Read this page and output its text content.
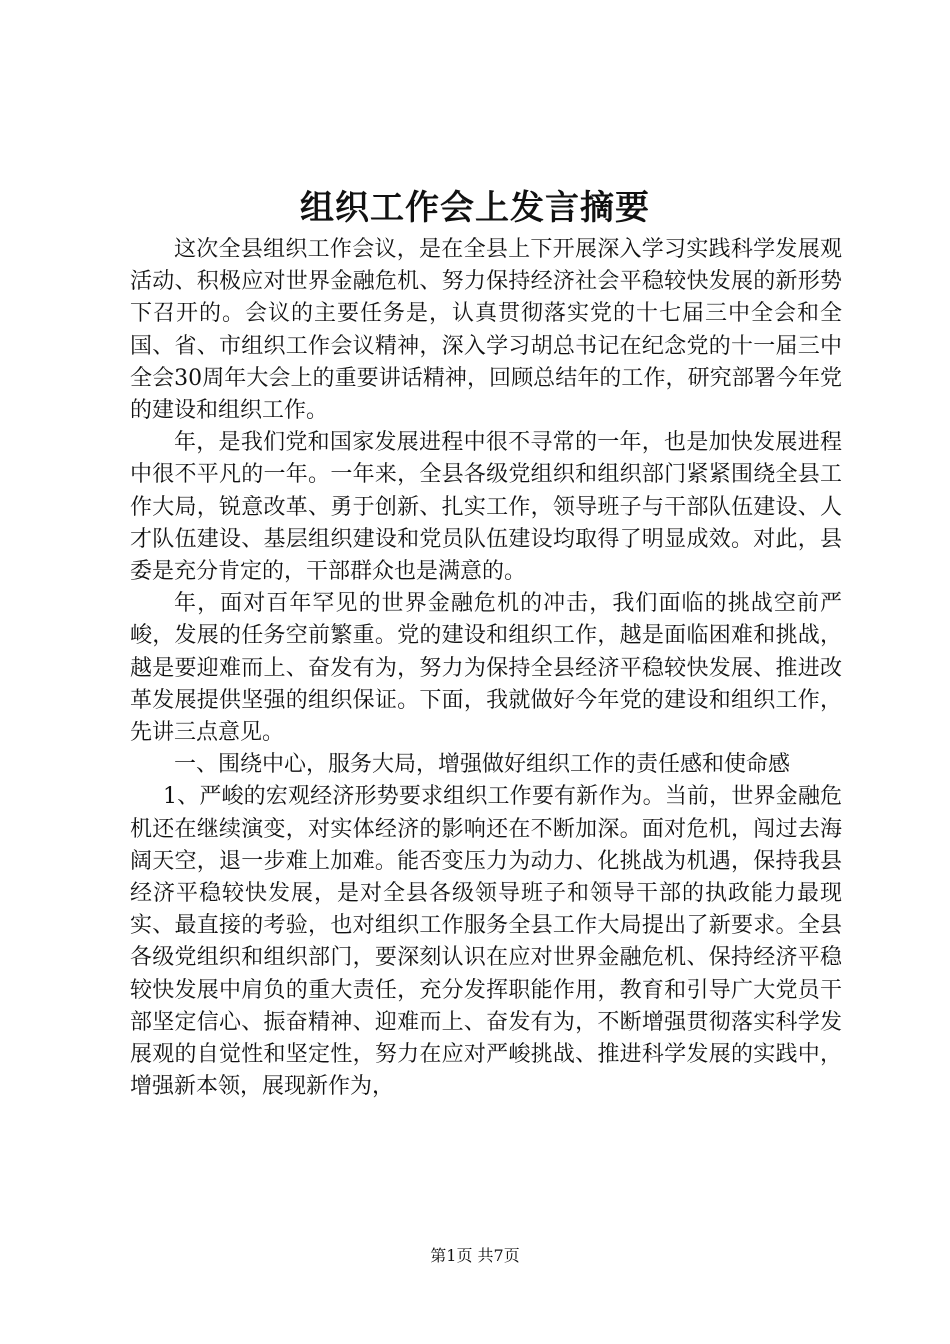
组织工作会上发言摘要

这次全县组织工作会议，是在全县上下开展深入学习实践科学发展观活动、积极应对世界金融危机、努力保持经济社会平稳较快发展的新形势下召开的。会议的主要任务是，认真贯彻落实党的十七届三中全会和全国、省、市组织工作会议精神，深入学习胡总书记在纪念党的十一届三中全会30周年大会上的重要讲话精神，回顾总结年的工作，研究部署今年党的建设和组织工作。

年，是我们党和国家发展进程中很不寻常的一年，也是加快发展进程中很不平凡的一年。一年来，全县各级党组织和组织部门紧紧围绕全县工作大局，锐意改革、勇于创新、扎实工作，领导班子与干部队伍建设、人才队伍建设、基层组织建设和党员队伍建设均取得了明显成效。对此，县委是充分肯定的，干部群众也是满意的。

年，面对百年罕见的世界金融危机的冲击，我们面临的挑战空前严峻，发展的任务空前繁重。党的建设和组织工作，越是面临困难和挑战，越是要迎难而上、奋发有为，努力为保持全县经济平稳较快发展、推进改革发展提供坚强的组织保证。下面，我就做好今年党的建设和组织工作，先讲三点意见。

一、围绕中心，服务大局，增强做好组织工作的责任感和使命感

1、严峻的宏观经济形势要求组织工作要有新作为。当前，世界金融危机还在继续演变，对实体经济的影响还在不断加深。面对危机，闯过去海阔天空，退一步难上加难。能否变压力为动力、化挑战为机遇，保持我县经济平稳较快发展，是对全县各级领导班子和领导干部的执政能力最现实、最直接的考验，也对组织工作服务全县工作大局提出了新要求。全县各级党组织和组织部门，要深刻认识在应对世界金融危机、保持经济平稳较快发展中肩负的重大责任，充分发挥职能作用，教育和引导广大党员干部坚定信心、振奋精神、迎难而上、奋发有为，不断增强贯彻落实科学发展观的自觉性和坚定性，努力在应对严峻挑战、推进科学发展的实践中，增强新本领，展现新作为，

第1页 共7页
